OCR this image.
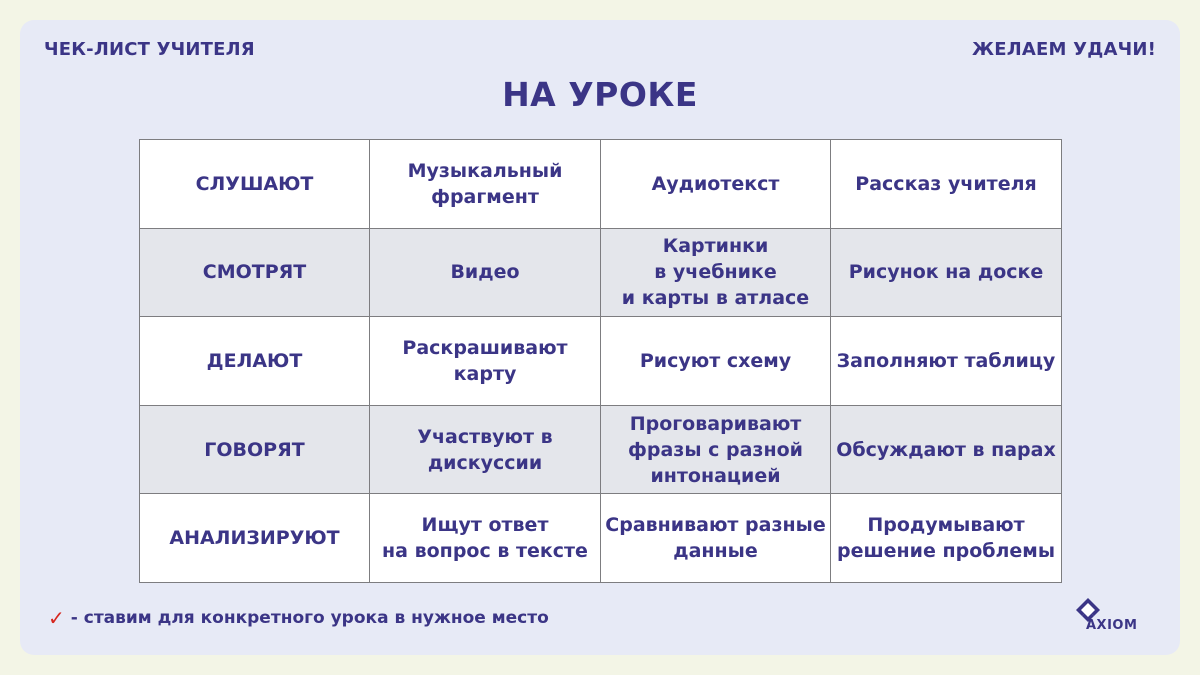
ЧЕК-ЛИСТ УЧИТЕЛЯ	ЖЕЛАЕМ УДАЧИ!
НА УРОКЕ
СЛУШАЮТ	Музыкальный
фрагмент	Аудиотекст	Рассказ учителя

СМОТРЯТ	Видео	Картинки
в учебнике
и карты в атласе	Рисунок на доске

ДЕЛАЮТ	Раскрашивают карту	Рисуют схему	Заполняют таблицу

ГОВОРЯТ	Участвуют в
дискуссии	Проговаривают
фразы с разной
интонацией	Обсуждают в парах

АНАЛИЗИРУЮТ	Ищут ответ
на вопрос в тексте	Сравнивают разные
данные	Продумывают
решение проблемы
✓ - ставим для конкретного урока в нужное место	AXIOM
